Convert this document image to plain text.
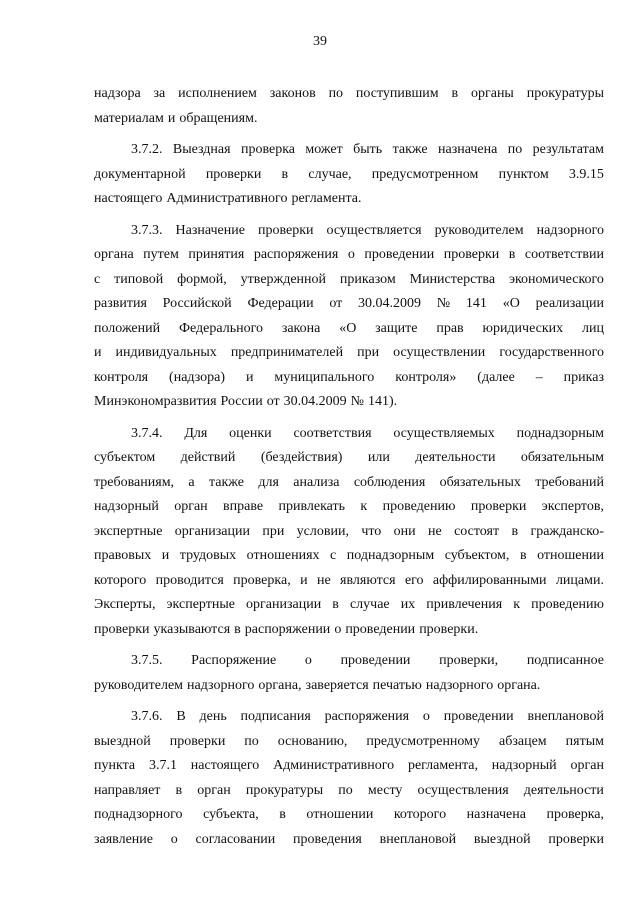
39
надзора за исполнением законов по поступившим в органы прокуратуры
материалам и обращениям.
3.7.2. Выездная проверка может быть также назначена по результатам
документарной проверки в случае, предусмотренном пунктом 3.9.15
настоящего Административного регламента.
3.7.3. Назначение проверки осуществляется руководителем надзорного
органа путем принятия распоряжения о проведении проверки в соответствии
с типовой формой, утвержденной приказом Министерства экономического
развития Российской Федерации от 30.04.2009 № 141 «О реализации
положений Федерального закона «О защите прав юридических лиц
и индивидуальных предпринимателей при осуществлении государственного
контроля (надзора) и муниципального контроля» (далее – приказ
Минэкономразвития России от 30.04.2009 № 141).
3.7.4. Для оценки соответствия осуществляемых поднадзорным
субъектом действий (бездействия) или деятельности обязательным
требованиям, а также для анализа соблюдения обязательных требований
надзорный орган вправе привлекать к проведению проверки экспертов,
экспертные организации при условии, что они не состоят в гражданско-
правовых и трудовых отношениях с поднадзорным субъектом, в отношении
которого проводится проверка, и не являются его аффилированными лицами.
Эксперты, экспертные организации в случае их привлечения к проведению
проверки указываются в распоряжении о проведении проверки.
3.7.5. Распоряжение о проведении проверки, подписанное
руководителем надзорного органа, заверяется печатью надзорного органа.
3.7.6. В день подписания распоряжения о проведении внеплановой
выездной проверки по основанию, предусмотренному абзацем пятым
пункта 3.7.1 настоящего Административного регламента, надзорный орган
направляет в орган прокуратуры по месту осуществления деятельности
поднадзорного субъекта, в отношении которого назначена проверка,
заявление о согласовании проведения внеплановой выездной проверки
